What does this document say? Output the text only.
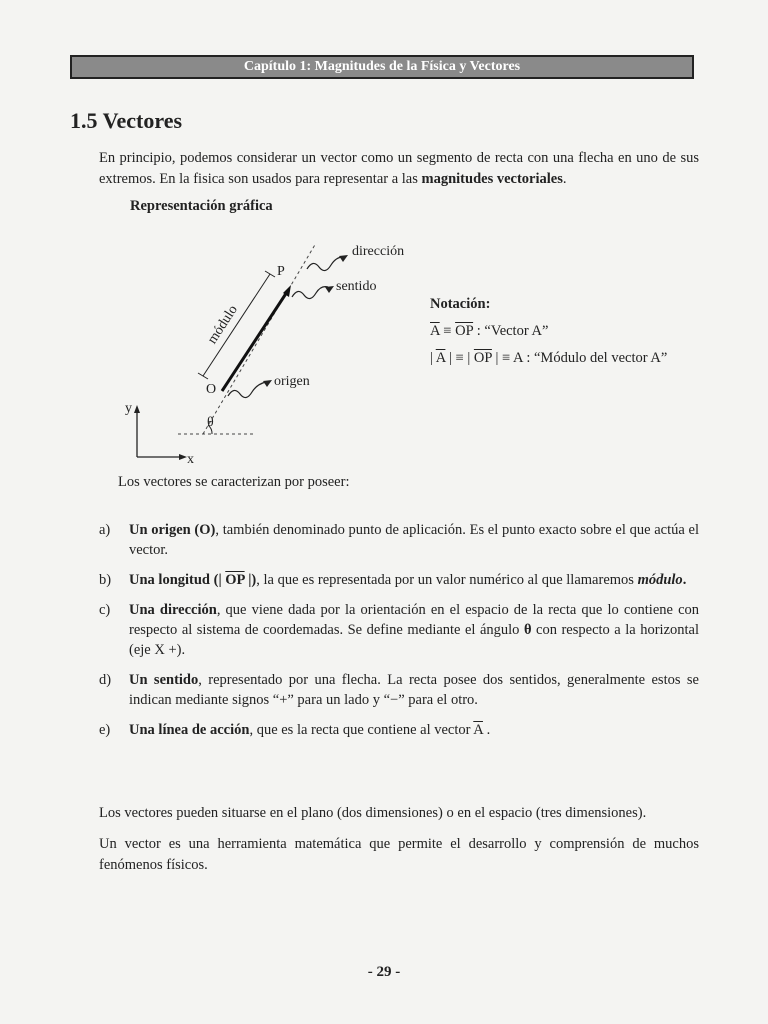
Capítulo 1: Magnitudes de la Física y Vectores
1.5 Vectores
En principio, podemos considerar un vector como un segmento de recta con una flecha en uno de sus extremos. En la fisica son usados para representar a las magnitudes vectoriales.
Representación gráfica
dirección
sentido
origen
P
O
θ
y
x
módulo	Notación:
$\overline{A} \equiv \overline{OP}$ : “Vector A”
| $\overline{A}$ | ≡ | $\overline{OP}$ | ≡ A : “Módulo del vector A”
Los vectores se caracterizan por poseer:
a)	Un origen (O), también denominado punto de aplicación. Es el punto exacto sobre el que actúa el vector.
b)	Una longitud (| $\overline{OP}$ |), la que es representada por un valor numérico al que llamaremos módulo.
c)	Una dirección, que viene dada por la orientación en el espacio de la recta que lo contiene con respecto al sistema de coordemadas. Se define mediante el ángulo θ con respecto a la horizontal (eje X +).
d)	Un sentido, representado por una flecha. La recta posee dos sentidos, generalmente estos se indican mediante signos “+” para un lado y “−” para el otro.
e)	Una línea de acción, que es la recta que contiene al vector $\overline{A}$ .

Los vectores pueden situarse en el plano (dos dimensiones) o en el espacio (tres dimensiones).

Un vector es una herramienta matemática que permite el desarrollo y comprensión de muchos fenómenos físicos.

- 29 -
